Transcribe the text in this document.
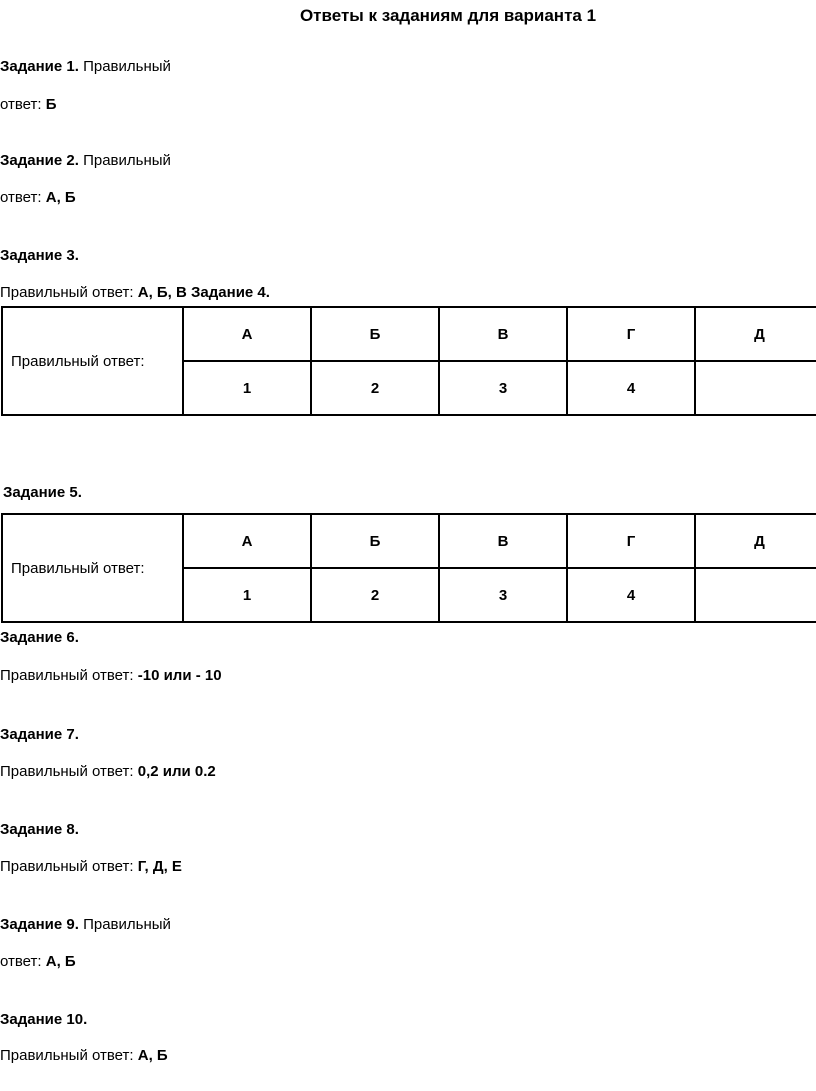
Ответы к заданиям для варианта 1
Задание 1. Правильный
ответ: Б
Задание 2. Правильный
ответ: А, Б
Задание 3.
Правильный ответ: А, Б, В Задание 4.
Правильный ответ:	А	Б	В	Г	Д
	1	2	3	4	
Задание 5.
Правильный ответ:	А	Б	В	Г	Д
	1	2	3	4	
Задание 6.
Правильный ответ: -10 или - 10
Задание 7.
Правильный ответ: 0,2 или 0.2
Задание 8.
Правильный ответ: Г, Д, Е
Задание 9. Правильный
ответ: А, Б
Задание 10.
Правильный ответ: А, Б
